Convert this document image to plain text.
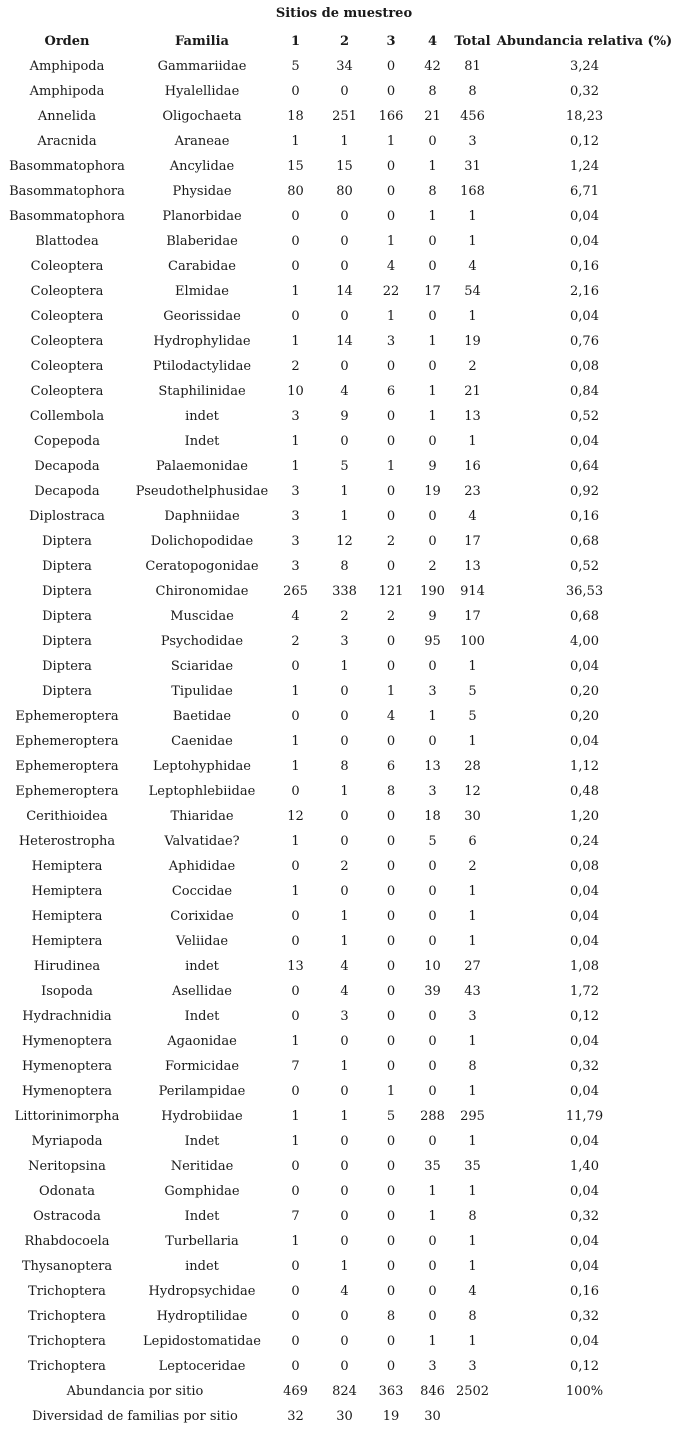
Sitios de muestreo
Orden	Familia	1	2	3	4	Total	Abundancia relativa (%)
Amphipoda	Gammariidae	5	34	0	42	81	3,24
Amphipoda	Hyalellidae	0	0	0	8	8	0,32
Annelida	Oligochaeta	18	251	166	21	456	18,23
Aracnida	Araneae	1	1	1	0	3	0,12
Basommatophora	Ancylidae	15	15	0	1	31	1,24
Basommatophora	Physidae	80	80	0	8	168	6,71
Basommatophora	Planorbidae	0	0	0	1	1	0,04
Blattodea	Blaberidae	0	0	1	0	1	0,04
Coleoptera	Carabidae	0	0	4	0	4	0,16
Coleoptera	Elmidae	1	14	22	17	54	2,16
Coleoptera	Georissidae	0	0	1	0	1	0,04
Coleoptera	Hydrophylidae	1	14	3	1	19	0,76
Coleoptera	Ptilodactylidae	2	0	0	0	2	0,08
Coleoptera	Staphilinidae	10	4	6	1	21	0,84
Collembola	indet	3	9	0	1	13	0,52
Copepoda	Indet	1	0	0	0	1	0,04
Decapoda	Palaemonidae	1	5	1	9	16	0,64
Decapoda	Pseudothelphusidae	3	1	0	19	23	0,92
Diplostraca	Daphniidae	3	1	0	0	4	0,16
Diptera	Dolichopodidae	3	12	2	0	17	0,68
Diptera	Ceratopogonidae	3	8	0	2	13	0,52
Diptera	Chironomidae	265	338	121	190	914	36,53
Diptera	Muscidae	4	2	2	9	17	0,68
Diptera	Psychodidae	2	3	0	95	100	4,00
Diptera	Sciaridae	0	1	0	0	1	0,04
Diptera	Tipulidae	1	0	1	3	5	0,20
Ephemeroptera	Baetidae	0	0	4	1	5	0,20
Ephemeroptera	Caenidae	1	0	0	0	1	0,04
Ephemeroptera	Leptohyphidae	1	8	6	13	28	1,12
Ephemeroptera	Leptophlebiidae	0	1	8	3	12	0,48
Cerithioidea	Thiaridae	12	0	0	18	30	1,20
Heterostrophа	Valvatidae?	1	0	0	5	6	0,24
Hemiptera	Aphididae	0	2	0	0	2	0,08
Hemiptera	Coccidae	1	0	0	0	1	0,04
Hemiptera	Corixidae	0	1	0	0	1	0,04
Hemiptera	Veliidae	0	1	0	0	1	0,04
Hirudinea	indet	13	4	0	10	27	1,08
Isopoda	Asellidae	0	4	0	39	43	1,72
Hydrachnidia	Indet	0	3	0	0	3	0,12
Hymenoptera	Agaonidae	1	0	0	0	1	0,04
Hymenoptera	Formicidae	7	1	0	0	8	0,32
Hymenoptera	Perilampidae	0	0	1	0	1	0,04
Littorinimorpha	Hydrobiidae	1	1	5	288	295	11,79
Myriapoda	Indet	1	0	0	0	1	0,04
Neritopsina	Neritidae	0	0	0	35	35	1,40
Odonata	Gomphidae	0	0	0	1	1	0,04
Ostracoda	Indet	7	0	0	1	8	0,32
Rhabdocoela	Turbellaria	1	0	0	0	1	0,04
Thysanoptera	indet	0	1	0	0	1	0,04
Trichoptera	Hydropsychidae	0	4	0	0	4	0,16
Trichoptera	Hydroptilidae	0	0	8	0	8	0,32
Trichoptera	Lepidostomatidae	0	0	0	1	1	0,04
Trichoptera	Leptoceridae	0	0	0	3	3	0,12
Abundancia por sitio		469	824	363	846	2502	100%
Diversidad de familias por sitio		32	30	19	30		
